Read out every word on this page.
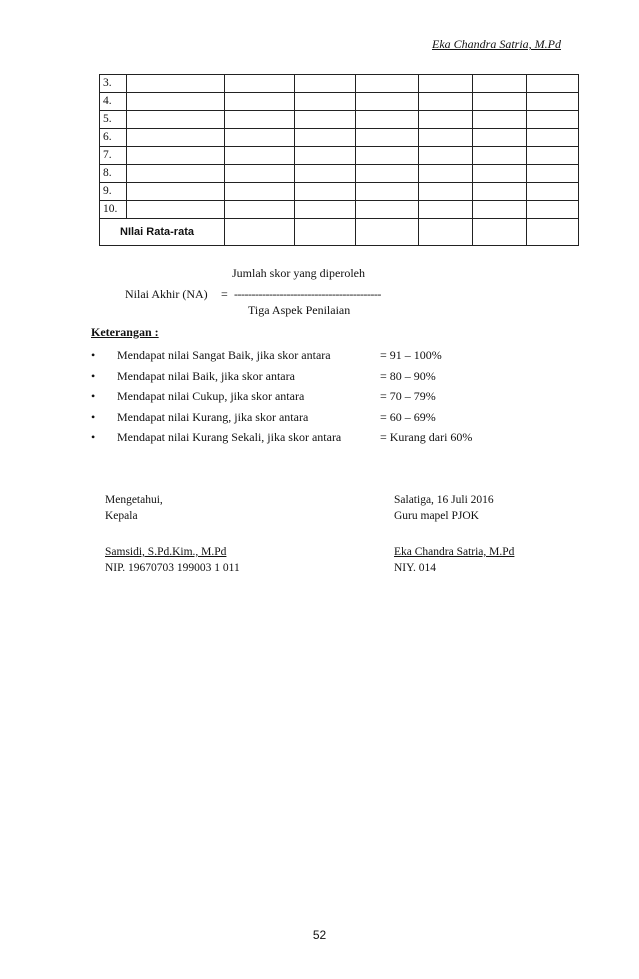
Eka Chandra Satria, M.Pd
3.							
4.							
5.							
6.							
7.							
8.							
9.							
10.							
NIlai Rata-rata							
Jumlah skor yang diperoleh
Nilai Akhir (NA) = ------------------------------------------
Tiga Aspek Penilaian
Keterangan :
• Mendapat nilai Sangat Baik, jika skor antara	= 91 – 100%
• Mendapat nilai Baik, jika skor antara	= 80 – 90%
• Mendapat nilai Cukup, jika skor antara	= 70 – 79%
• Mendapat nilai Kurang, jika skor antara	= 60 – 69%
• Mendapat nilai Kurang Sekali, jika skor antara	= Kurang dari 60%
Mengetahui,
Kepala
Samsidi, S.Pd.Kim., M.Pd
NIP. 19670703 199003 1 011
Salatiga, 16 Juli 2016
Guru mapel PJOK
Eka Chandra Satria, M.Pd
NIY. 014
52
